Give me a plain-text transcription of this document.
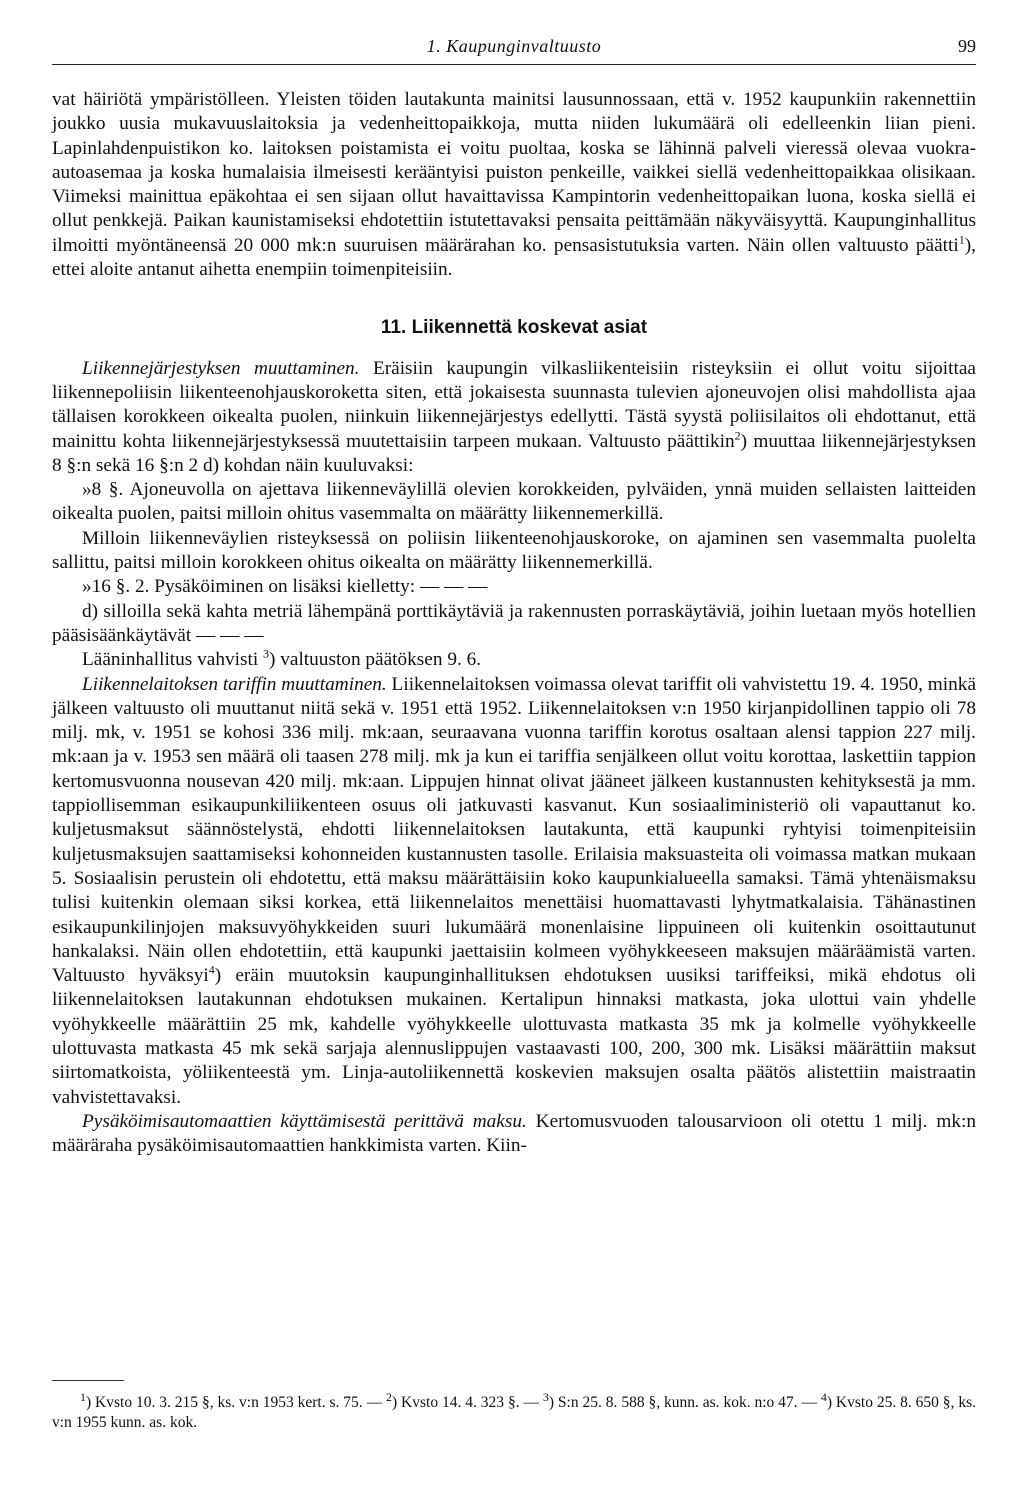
1. Kaupunginvaltuusto	99

vat häiriötä ympäristölleen. Yleisten töiden lautakunta mainitsi lausunnossaan, että v. 1952 kaupunkiin rakennettiin joukko uusia mukavuuslaitoksia ja vedenheittopaikkoja, mutta niiden lukumäärä oli edelleenkin liian pieni. Lapinlahdenpuistikon ko. laitoksen poistamista ei voitu puoltaa, koska se lähinnä palveli vieressä olevaa vuokra-autoasemaa ja koska humalaisia ilmeisesti kerääntyisi puiston penkeille, vaikkei siellä vedenheittopaikkaa olisikaan. Viimeksi mainittua epäkohtaa ei sen sijaan ollut havaittavissa Kampintorin vedenheittopaikan luona, koska siellä ei ollut penkkejä. Paikan kaunistamiseksi ehdotettiin istutettavaksi pensaita peittämään näkyväisyyttä. Kaupunginhallitus ilmoitti myöntäneensä 20 000 mk:n suuruisen määrärahan ko. pensasistutuksia varten. Näin ollen valtuusto päätti$^1$), ettei aloite antanut aihetta enempiin toimenpiteisiin.

11. Liikennettä koskevat asiat

Liikennejärjestyksen muuttaminen. Eräisiin kaupungin vilkasliikenteisiin risteyksiin ei ollut voitu sijoittaa liikennepoliisin liikenteenohjauskoroketta siten, että jokaisesta suunnasta tulevien ajoneuvojen olisi mahdollista ajaa tällaisen korokkeen oikealta puolen, niinkuin liikennejärjestys edellytti. Tästä syystä poliisilaitos oli ehdottanut, että mainittu kohta liikennejärjestyksessä muutettaisiin tarpeen mukaan. Valtuusto päättikin$^2$) muuttaa liikennejärjestyksen 8 §:n sekä 16 §:n 2 d) kohdan näin kuuluvaksi:

»8 §. Ajoneuvolla on ajettava liikenneväylillä olevien korokkeiden, pylväiden, ynnä muiden sellaisten laitteiden oikealta puolen, paitsi milloin ohitus vasemmalta on määrätty liikennemerkillä.

Milloin liikenneväylien risteyksessä on poliisin liikenteenohjauskoroke, on ajaminen sen vasemmalta puolelta sallittu, paitsi milloin korokkeen ohitus oikealta on määrätty liikennemerkillä.

»16 §. 2. Pysäköiminen on lisäksi kielletty: — — —

d) silloilla sekä kahta metriä lähempänä porttikäytäviä ja rakennusten porraskäytäviä, joihin luetaan myös hotellien pääsisäänkäytävät — — —

Lääninhallitus vahvisti $^3$) valtuuston päätöksen 9. 6.

Liikennelaitoksen tariffin muuttaminen. Liikennelaitoksen voimassa olevat tariffit oli vahvistettu 19. 4. 1950, minkä jälkeen valtuusto oli muuttanut niitä sekä v. 1951 että 1952. Liikennelaitoksen v:n 1950 kirjanpidollinen tappio oli 78 milj. mk, v. 1951 se kohosi 336 milj. mk:aan, seuraavana vuonna tariffin korotus osaltaan alensi tappion 227 milj. mk:aan ja v. 1953 sen määrä oli taasen 278 milj. mk ja kun ei tariffia senjälkeen ollut voitu korottaa, laskettiin tappion kertomusvuonna nousevan 420 milj. mk:aan. Lippujen hinnat olivat jääneet jälkeen kustannusten kehityksestä ja mm. tappiollisemman esikaupunkiliikenteen osuus oli jatkuvasti kasvanut. Kun sosiaaliministeriö oli vapauttanut ko. kuljetusmaksut säännöstelystä, ehdotti liikennelaitoksen lautakunta, että kaupunki ryhtyisi toimenpiteisiin kuljetusmaksujen saattamiseksi kohonneiden kustannusten tasolle. Erilaisia maksuasteita oli voimassa matkan mukaan 5. Sosiaalisin perustein oli ehdotettu, että maksu määrättäisiin koko kaupunkialueella samaksi. Tämä yhtenäismaksu tulisi kuitenkin olemaan siksi korkea, että liikennelaitos menettäisi huomattavasti lyhytmatkalaisia. Tähänastinen esikaupunkilinjojen maksuvyöhykkeiden suuri lukumäärä monenlaisine lippuineen oli kuitenkin osoittautunut hankalaksi. Näin ollen ehdotettiin, että kaupunki jaettaisiin kolmeen vyöhykkeeseen maksujen määräämistä varten. Valtuusto hyväksyi$^4$) eräin muutoksin kaupunginhallituksen ehdotuksen uusiksi tariffeiksi, mikä ehdotus oli liikennelaitoksen lautakunnan ehdotuksen mukainen. Kertalipun hinnaksi matkasta, joka ulottui vain yhdelle vyöhykkeelle määrättiin 25 mk, kahdelle vyöhykkeelle ulottuvasta matkasta 35 mk ja kolmelle vyöhykkeelle ulottuvasta matkasta 45 mk sekä sarjaja alennuslippujen vastaavasti 100, 200, 300 mk. Lisäksi määrättiin maksut siirtomatkoista, yöliikenteestä ym. Linja-autoliikennettä koskevien maksujen osalta päätös alistettiin maistraatin vahvistettavaksi.

Pysäköimisautomaattien käyttämisestä perittävä maksu. Kertomusvuoden talousarvioon oli otettu 1 milj. mk:n määräraha pysäköimisautomaattien hankkimista varten. Kiin-

$^1$) Kvsto 10. 3. 215 §, ks. v:n 1953 kert. s. 75. — $^2$) Kvsto 14. 4. 323 §. — $^3$) S:n 25. 8. 588 §, kunn. as. kok. n:o 47. — $^4$) Kvsto 25. 8. 650 §, ks. v:n 1955 kunn. as. kok.
